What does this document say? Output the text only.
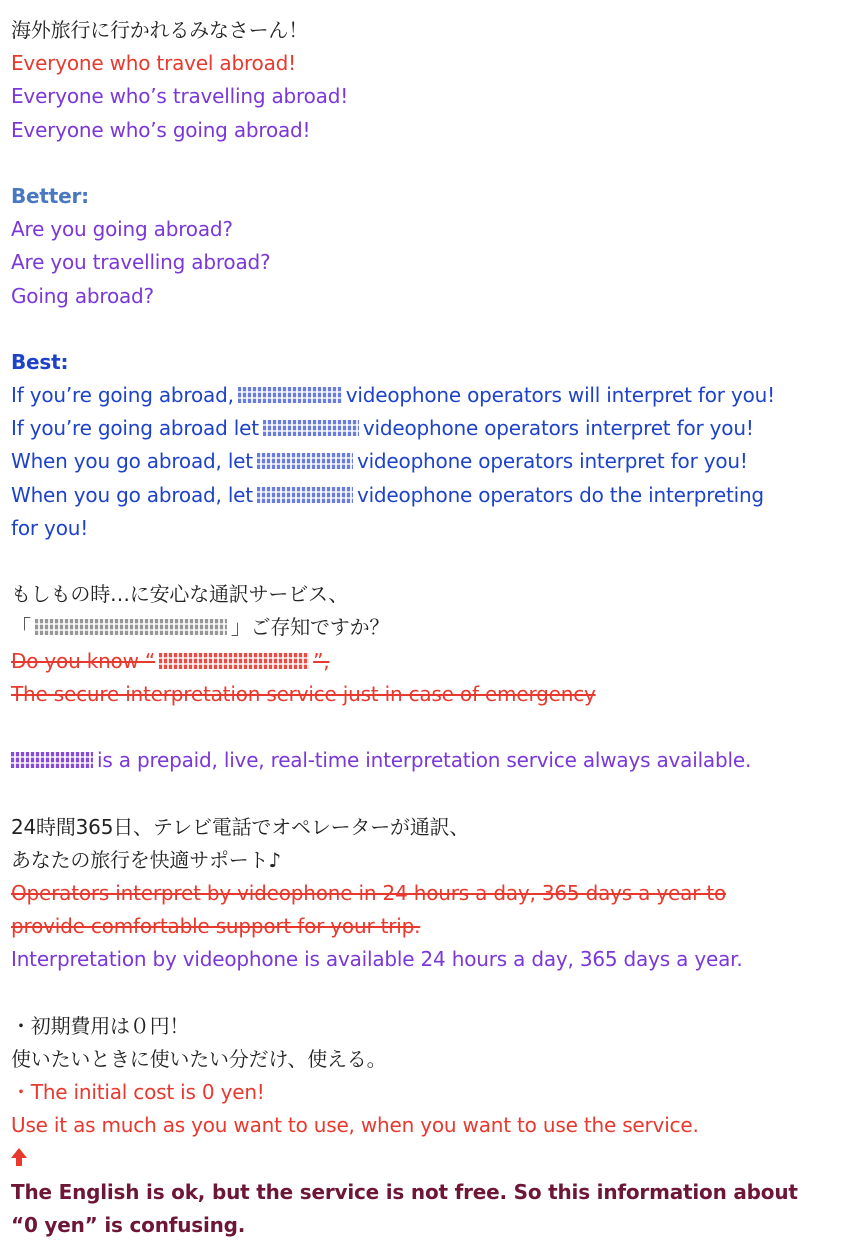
海外旅行に行かれるみなさーん！
Everyone who travel abroad!
Everyone who’s travelling abroad!
Everyone who’s going abroad!
Better:
Are you going abroad?
Are you travelling abroad?
Going abroad?
Best:
If you’re going abroad,	videophone operators will interpret for you!
If you’re going abroad let	videophone operators interpret for you!
When you go abroad, let	videophone operators interpret for you!
When you go abroad, let	videophone operators do the interpreting
for you!
もしもの時…に安心な通訳サービス、
「	」ご存知ですか？
Do you know “	”,
The secure interpretation service just in case of emergency
is a prepaid, live, real-time interpretation service always available.
24時間365日、テレビ電話でオペレーターが通訳、
あなたの旅行を快適サポート♪
Operators interpret by videophone in 24 hours a day, 365 days a year to
provide comfortable support for your trip.
Interpretation by videophone is available 24 hours a day, 365 days a year.
・初期費用は０円！
使いたいときに使いたい分だけ、使える。
・The initial cost is 0 yen!
Use it as much as you want to use, when you want to use the service.
The English is ok, but the service is not free. So this information about
“0 yen” is confusing.
